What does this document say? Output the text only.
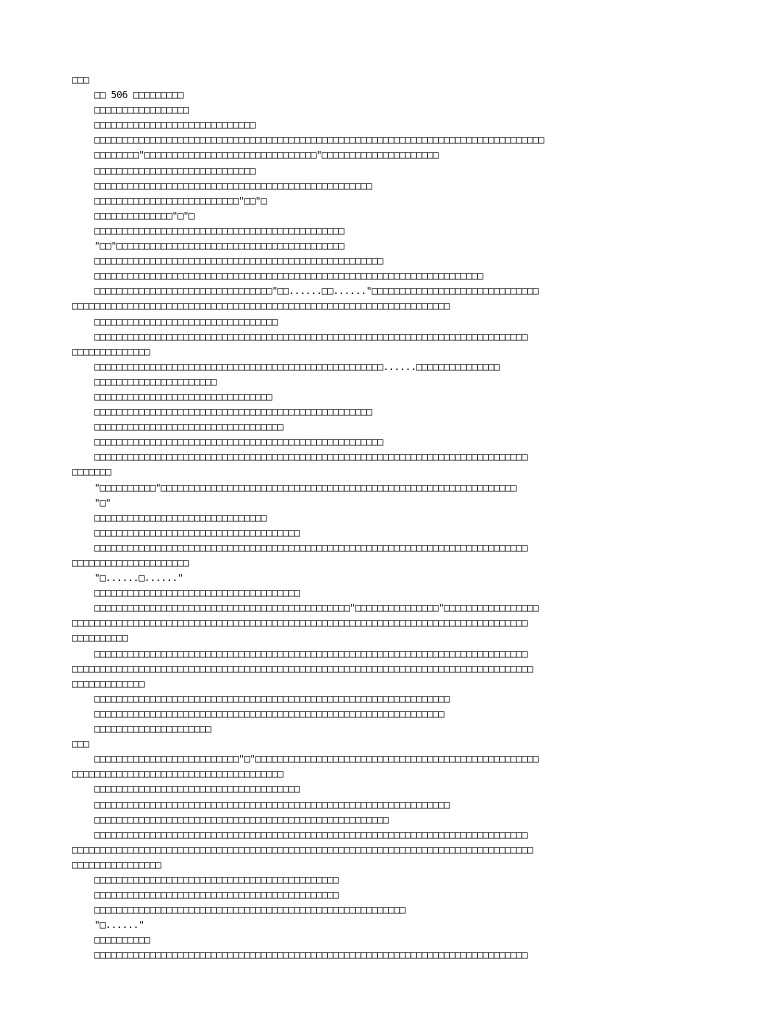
□□□
□□ 506 □□□□□□□□□
□□□□□□□□□□□□□□□□□
□□□□□□□□□□□□□□□□□□□□□□□□□□□□□
□□□□□□□□□□□□□□□□□□□□□□□□□□□□□□□□□□□□□□□□□□□□□□□□□□□□□□□□□□□□□□□□□□□□□□□□□□□□□□□□□
□□□□□□□□"□□□□□□□□□□□□□□□□□□□□□□□□□□□□□□□"□□□□□□□□□□□□□□□□□□□□□
□□□□□□□□□□□□□□□□□□□□□□□□□□□□□
□□□□□□□□□□□□□□□□□□□□□□□□□□□□□□□□□□□□□□□□□□□□□□□□□□
□□□□□□□□□□□□□□□□□□□□□□□□□□"□□"□
□□□□□□□□□□□□□□"□"□
□□□□□□□□□□□□□□□□□□□□□□□□□□□□□□□□□□□□□□□□□□□□□
"□□"□□□□□□□□□□□□□□□□□□□□□□□□□□□□□□□□□□□□□□□□□
□□□□□□□□□□□□□□□□□□□□□□□□□□□□□□□□□□□□□□□□□□□□□□□□□□□□
□□□□□□□□□□□□□□□□□□□□□□□□□□□□□□□□□□□□□□□□□□□□□□□□□□□□□□□□□□□□□□□□□□□□□□
□□□□□□□□□□□□□□□□□□□□□□□□□□□□□□□□"□□......□□......"□□□□□□□□□□□□□□□□□□□□□□□□□□□□□□
□□□□□□□□□□□□□□□□□□□□□□□□□□□□□□□□□□□□□□□□□□□□□□□□□□□□□□□□□□□□□□□□□□□□
□□□□□□□□□□□□□□□□□□□□□□□□□□□□□□□□□
□□□□□□□□□□□□□□□□□□□□□□□□□□□□□□□□□□□□□□□□□□□□□□□□□□□□□□□□□□□□□□□□□□□□□□□□□□□□□□
□□□□□□□□□□□□□□
□□□□□□□□□□□□□□□□□□□□□□□□□□□□□□□□□□□□□□□□□□□□□□□□□□□□......□□□□□□□□□□□□□□□
□□□□□□□□□□□□□□□□□□□□□□
□□□□□□□□□□□□□□□□□□□□□□□□□□□□□□□□
□□□□□□□□□□□□□□□□□□□□□□□□□□□□□□□□□□□□□□□□□□□□□□□□□□
□□□□□□□□□□□□□□□□□□□□□□□□□□□□□□□□□□
□□□□□□□□□□□□□□□□□□□□□□□□□□□□□□□□□□□□□□□□□□□□□□□□□□□□
□□□□□□□□□□□□□□□□□□□□□□□□□□□□□□□□□□□□□□□□□□□□□□□□□□□□□□□□□□□□□□□□□□□□□□□□□□□□□□
□□□□□□□
"□□□□□□□□□□"□□□□□□□□□□□□□□□□□□□□□□□□□□□□□□□□□□□□□□□□□□□□□□□□□□□□□□□□□□□□□□□□
"□"
□□□□□□□□□□□□□□□□□□□□□□□□□□□□□□□
□□□□□□□□□□□□□□□□□□□□□□□□□□□□□□□□□□□□□
□□□□□□□□□□□□□□□□□□□□□□□□□□□□□□□□□□□□□□□□□□□□□□□□□□□□□□□□□□□□□□□□□□□□□□□□□□□□□□
□□□□□□□□□□□□□□□□□□□□□
"□......□......"
□□□□□□□□□□□□□□□□□□□□□□□□□□□□□□□□□□□□□
□□□□□□□□□□□□□□□□□□□□□□□□□□□□□□□□□□□□□□□□□□□□□□"□□□□□□□□□□□□□□□"□□□□□□□□□□□□□□□□□
□□□□□□□□□□□□□□□□□□□□□□□□□□□□□□□□□□□□□□□□□□□□□□□□□□□□□□□□□□□□□□□□□□□□□□□□□□□□□□□□□□
□□□□□□□□□□
□□□□□□□□□□□□□□□□□□□□□□□□□□□□□□□□□□□□□□□□□□□□□□□□□□□□□□□□□□□□□□□□□□□□□□□□□□□□□□
□□□□□□□□□□□□□□□□□□□□□□□□□□□□□□□□□□□□□□□□□□□□□□□□□□□□□□□□□□□□□□□□□□□□□□□□□□□□□□□□□□□
□□□□□□□□□□□□□
□□□□□□□□□□□□□□□□□□□□□□□□□□□□□□□□□□□□□□□□□□□□□□□□□□□□□□□□□□□□□□□□
□□□□□□□□□□□□□□□□□□□□□□□□□□□□□□□□□□□□□□□□□□□□□□□□□□□□□□□□□□□□□□□
□□□□□□□□□□□□□□□□□□□□□
□□□
□□□□□□□□□□□□□□□□□□□□□□□□□□"□"□□□□□□□□□□□□□□□□□□□□□□□□□□□□□□□□□□□□□□□□□□□□□□□□□□□
□□□□□□□□□□□□□□□□□□□□□□□□□□□□□□□□□□□□□□
□□□□□□□□□□□□□□□□□□□□□□□□□□□□□□□□□□□□□
□□□□□□□□□□□□□□□□□□□□□□□□□□□□□□□□□□□□□□□□□□□□□□□□□□□□□□□□□□□□□□□□
□□□□□□□□□□□□□□□□□□□□□□□□□□□□□□□□□□□□□□□□□□□□□□□□□□□□□
□□□□□□□□□□□□□□□□□□□□□□□□□□□□□□□□□□□□□□□□□□□□□□□□□□□□□□□□□□□□□□□□□□□□□□□□□□□□□□
□□□□□□□□□□□□□□□□□□□□□□□□□□□□□□□□□□□□□□□□□□□□□□□□□□□□□□□□□□□□□□□□□□□□□□□□□□□□□□□□□□□
□□□□□□□□□□□□□□□□
□□□□□□□□□□□□□□□□□□□□□□□□□□□□□□□□□□□□□□□□□□□□
□□□□□□□□□□□□□□□□□□□□□□□□□□□□□□□□□□□□□□□□□□□□
□□□□□□□□□□□□□□□□□□□□□□□□□□□□□□□□□□□□□□□□□□□□□□□□□□□□□□□□
"□......"
□□□□□□□□□□
□□□□□□□□□□□□□□□□□□□□□□□□□□□□□□□□□□□□□□□□□□□□□□□□□□□□□□□□□□□□□□□□□□□□□□□□□□□□□□
